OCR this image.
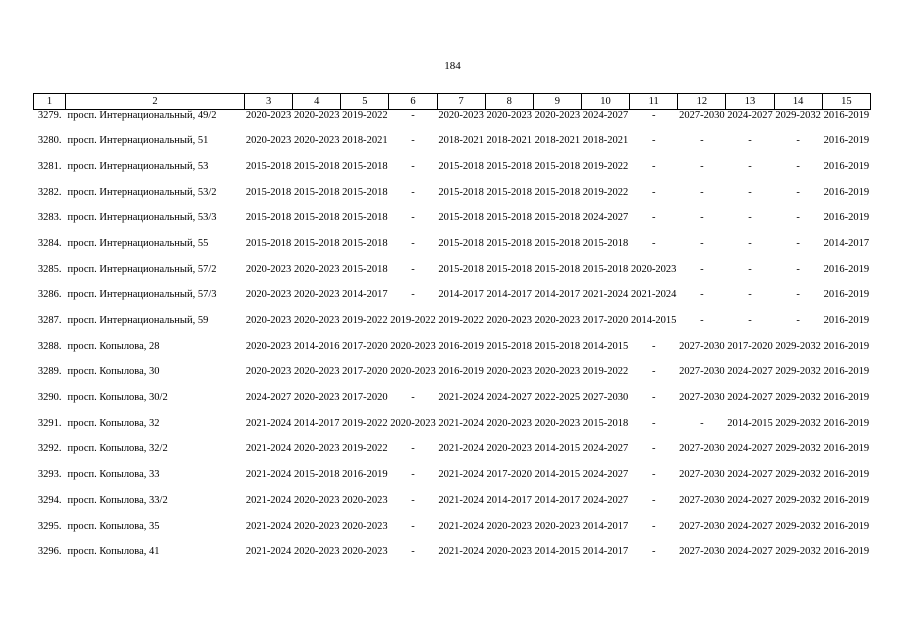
184
1	2	3	4	5	6	7	8	9	10	11	12	13	14	15
3279.	просп. Интернациональный, 49/2	2020-2023	2020-2023	2019-2022	-	2020-2023	2020-2023	2020-2023	2024-2027	-	2027-2030	2024-2027	2029-2032	2016-2019
3280.	просп. Интернациональный, 51	2020-2023	2020-2023	2018-2021	-	2018-2021	2018-2021	2018-2021	2018-2021	-	-	-	-	2016-2019
3281.	просп. Интернациональный, 53	2015-2018	2015-2018	2015-2018	-	2015-2018	2015-2018	2015-2018	2019-2022	-	-	-	-	2016-2019
3282.	просп. Интернациональный, 53/2	2015-2018	2015-2018	2015-2018	-	2015-2018	2015-2018	2015-2018	2019-2022	-	-	-	-	2016-2019
3283.	просп. Интернациональный, 53/3	2015-2018	2015-2018	2015-2018	-	2015-2018	2015-2018	2015-2018	2024-2027	-	-	-	-	2016-2019
3284.	просп. Интернациональный, 55	2015-2018	2015-2018	2015-2018	-	2015-2018	2015-2018	2015-2018	2015-2018	-	-	-	-	2014-2017
3285.	просп. Интернациональный, 57/2	2020-2023	2020-2023	2015-2018	-	2015-2018	2015-2018	2015-2018	2015-2018	2020-2023	-	-	-	2016-2019
3286.	просп. Интернациональный, 57/3	2020-2023	2020-2023	2014-2017	-	2014-2017	2014-2017	2014-2017	2021-2024	2021-2024	-	-	-	2016-2019
3287.	просп. Интернациональный, 59	2020-2023	2020-2023	2019-2022	2019-2022	2019-2022	2020-2023	2020-2023	2017-2020	2014-2015	-	-	-	2016-2019
3288.	просп. Копылова, 28	2020-2023	2014-2016	2017-2020	2020-2023	2016-2019	2015-2018	2015-2018	2014-2015	-	2027-2030	2017-2020	2029-2032	2016-2019
3289.	просп. Копылова, 30	2020-2023	2020-2023	2017-2020	2020-2023	2016-2019	2020-2023	2020-2023	2019-2022	-	2027-2030	2024-2027	2029-2032	2016-2019
3290.	просп. Копылова, 30/2	2024-2027	2020-2023	2017-2020	-	2021-2024	2024-2027	2022-2025	2027-2030	-	2027-2030	2024-2027	2029-2032	2016-2019
3291.	просп. Копылова, 32	2021-2024	2014-2017	2019-2022	2020-2023	2021-2024	2020-2023	2020-2023	2015-2018	-	-	2014-2015	2029-2032	2016-2019
3292.	просп. Копылова, 32/2	2021-2024	2020-2023	2019-2022	-	2021-2024	2020-2023	2014-2015	2024-2027	-	2027-2030	2024-2027	2029-2032	2016-2019
3293.	просп. Копылова, 33	2021-2024	2015-2018	2016-2019	-	2021-2024	2017-2020	2014-2015	2024-2027	-	2027-2030	2024-2027	2029-2032	2016-2019
3294.	просп. Копылова, 33/2	2021-2024	2020-2023	2020-2023	-	2021-2024	2014-2017	2014-2017	2024-2027	-	2027-2030	2024-2027	2029-2032	2016-2019
3295.	просп. Копылова, 35	2021-2024	2020-2023	2020-2023	-	2021-2024	2020-2023	2020-2023	2014-2017	-	2027-2030	2024-2027	2029-2032	2016-2019
3296.	просп. Копылова, 41	2021-2024	2020-2023	2020-2023	-	2021-2024	2020-2023	2014-2015	2014-2017	-	2027-2030	2024-2027	2029-2032	2016-2019
